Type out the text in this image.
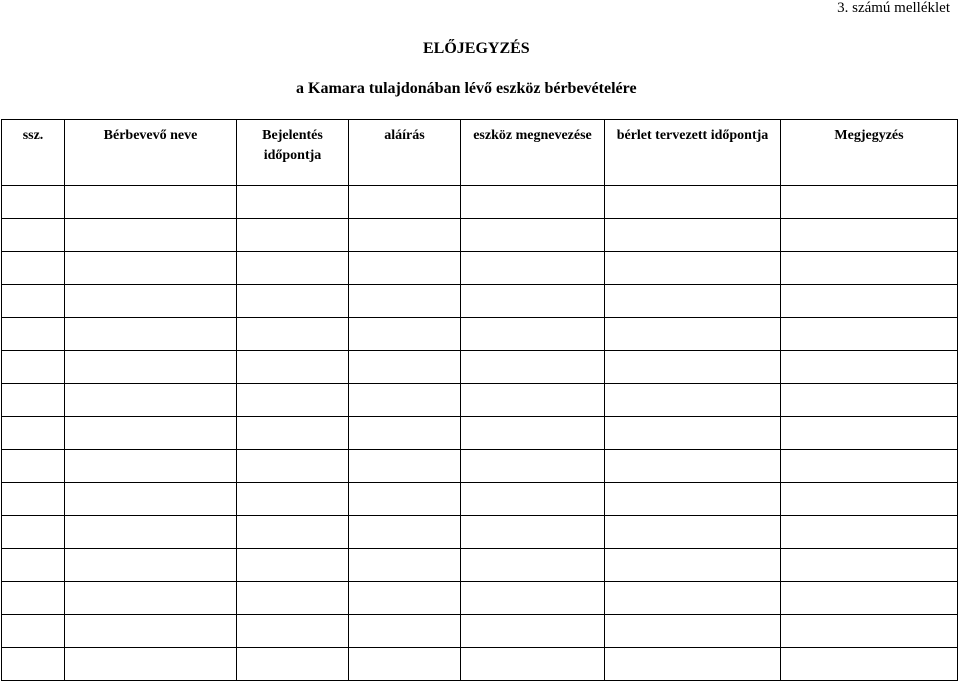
3. számú melléklet
ELŐJEGYZÉS
a Kamara tulajdonában lévő eszköz bérbevételére
ssz.	Bérbevevő neve	Bejelentés időpontja	aláírás	eszköz megnevezése	bérlet tervezett időpontja	Megjegyzés
